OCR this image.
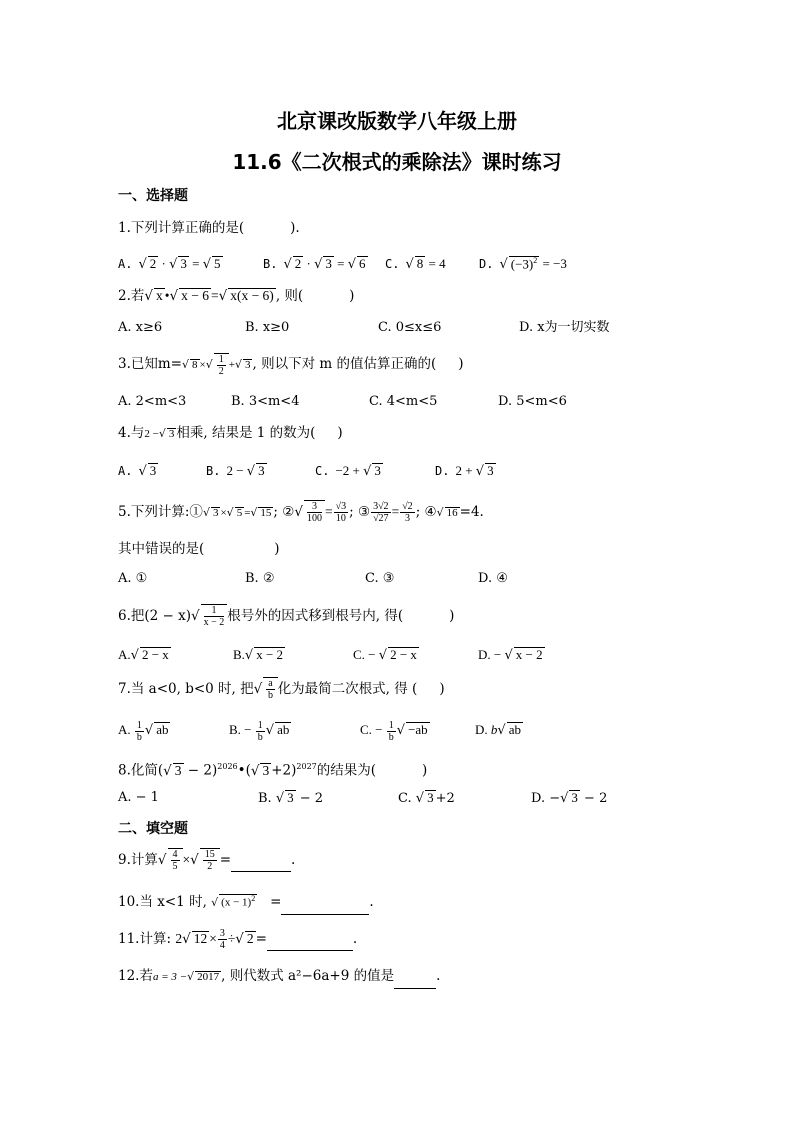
北京课改版数学八年级上册
11.6《二次根式的乘除法》课时练习
一、选择题
1.下列计算正确的是(	).
A. √ 2 · √ 3 = √ 5	B. √ 2 · √ 3 = √ 6 C. √ 8 = 4	D. √ $(-3)^2 = -3$
2.若√ x •√ x − 6 =√ x(x − 6) , 则(	)
A. x≥6	B. x≥0	C. 0≤x≤6	D. x为一切实数
3.已知m=√ 8 ×√ $\frac{1}{2}$ +√ 3 , 则以下对 m 的值估算正确的( )
A. 2<m<3	B. 3<m<4	C. 4<m<5	D. 5<m<6
4.与2 −√ 3 相乘, 结果是 1 的数为( )
A. √ 3	B. 2 − √ 3	C. −2 + √ 3	D. 2 + √ 3
5.下列计算:①√ 3 ×√ 5 =√ 15 ; ②√ $\frac{3}{100} = \frac{√3}{10}$ ; ③ $\frac{3√2}{√27} = \frac{√2}{3}$ ; ④√ 16 =4.
其中错误的是(	)
A. ①	B. ②	C. ③	D. ④
6.把$(2 - x)√ \frac{1}{x - 2}$ 根号外的因式移到根号内, 得(	)
A.√ 2 − x	B.√ x − 2	C. − √ 2 − x	D. − √ x − 2
7.当 a<0, b<0 时, 把√ $\frac{a}{b}$ 化为最简二次根式, 得 ( )
A. $\frac{1}{b}$ √ ab	B. − $\frac{1}{b}$ √ ab	C. − $\frac{1}{b}$ √ −ab	D. b√ ab
8.化简(√ 3 − 2)$^{2026}$•(√ 3 +2)$^{2027}$的结果为(	)
A. − 1	B. √ 3 − 2	C. √ 3 +2	D. −√ 3 − 2
二、填空题
9.计算√ $\frac{4}{5}$ ×√ $\frac{15}{2}$ =	.
10.当 x<1 时, √ $(x - 1)^2$ =	.
11.计算: 2√ $12 \times \frac{3}{4}$ ÷√ 2 =	.
12.若a = 3 −√ 2017 , 则代数式 a²−6a+9 的值是	.
